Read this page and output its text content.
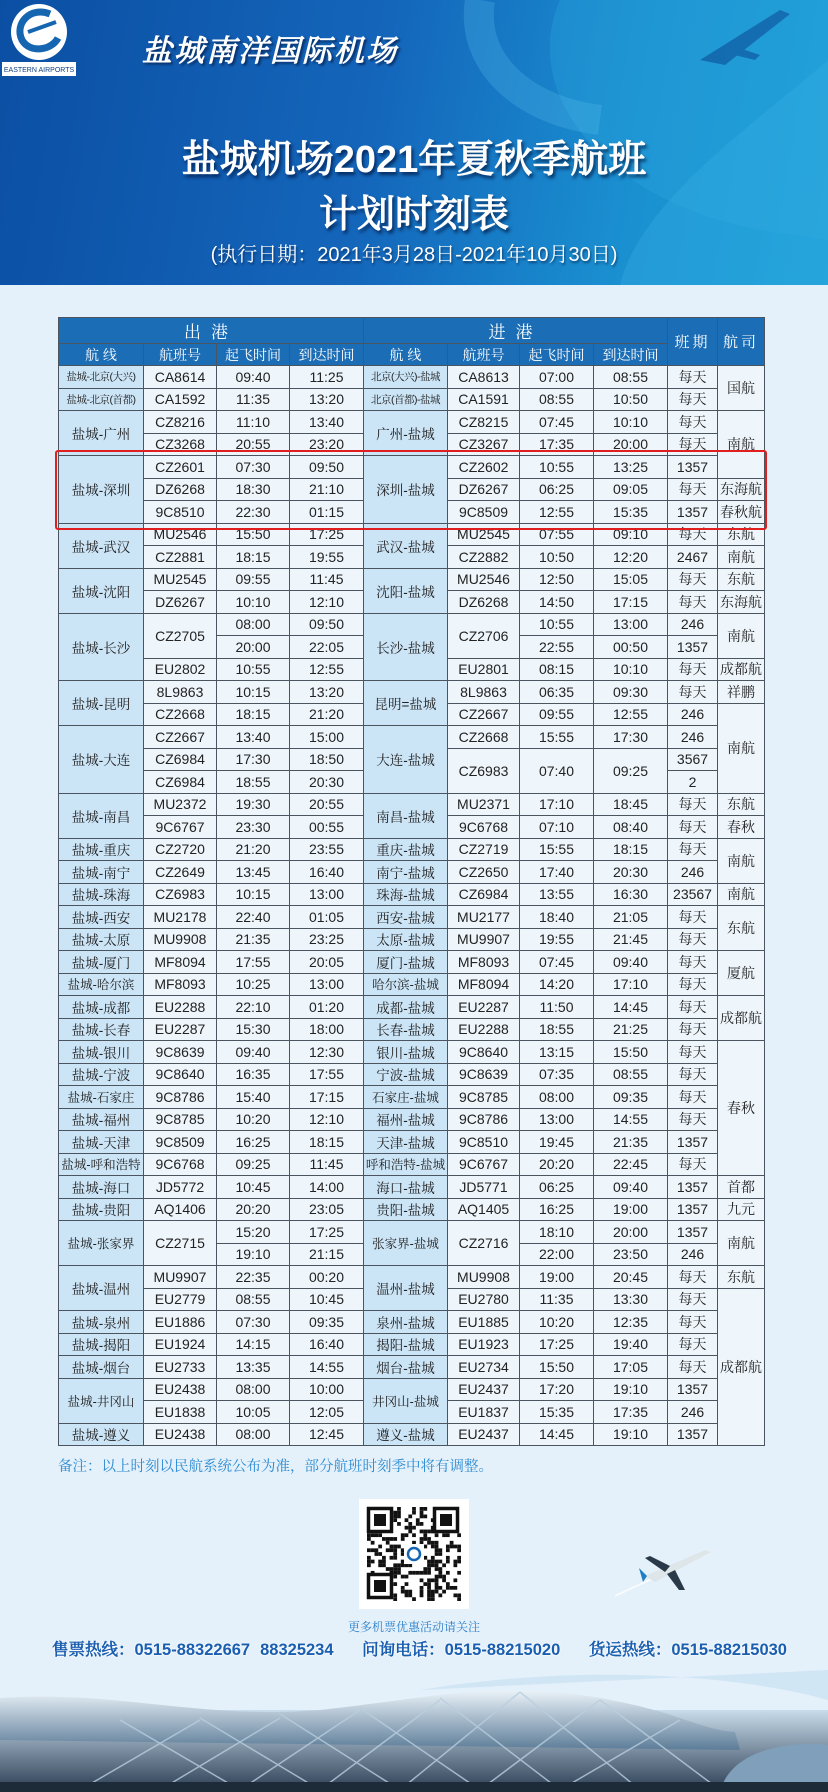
EASTERN AIRPORTS
盐城南洋国际机场
盐城机场2021年夏秋季航班
计划时刻表
(执行日期：2021年3月28日-2021年10月30日)
出港				进港				班期	航司
航 线	航班号	起飞时间	到达时间	航 线	航班号	起飞时间	到达时间		
盐城-北京(大兴)	CA8614	09:40	11:25	北京(大兴)-盐城	CA8613	07:00	08:55	每天	国航
盐城-北京(首都)	CA1592	11:35	13:20	北京(首都)-盐城	CA1591	08:55	10:50	每天	
盐城-广州	CZ8216	11:10	13:40	广州-盐城	CZ8215	07:45	10:10	每天	南航
	CZ3268	20:55	23:20		CZ3267	17:35	20:00	每天	
盐城-深圳	CZ2601	07:30	09:50	深圳-盐城	CZ2602	10:55	13:25	1357	
	DZ6268	18:30	21:10		DZ6267	06:25	09:05	每天	东海航
	9C8510	22:30	01:15		9C8509	12:55	15:35	1357	春秋航
盐城-武汉	MU2546	15:50	17:25	武汉-盐城	MU2545	07:55	09:10	每天	东航
	CZ2881	18:15	19:55		CZ2882	10:50	12:20	2467	南航
盐城-沈阳	MU2545	09:55	11:45	沈阳-盐城	MU2546	12:50	15:05	每天	东航
	DZ6267	10:10	12:10		DZ6268	14:50	17:15	每天	东海航
盐城-长沙	CZ2705	08:00	09:50	长沙-盐城	CZ2706	10:55	13:00	246	南航
		20:00	22:05			22:55	00:50	1357	
	EU2802	10:55	12:55		EU2801	08:15	10:10	每天	成都航
盐城-昆明	8L9863	10:15	13:20	昆明=盐城	8L9863	06:35	09:30	每天	祥鹏
	CZ2668	18:15	21:20		CZ2667	09:55	12:55	246	南航
盐城-大连	CZ2667	13:40	15:00	大连-盐城	CZ2668	15:55	17:30	246	
	CZ6984	17:30	18:50		CZ6983	07:40	09:25	3567	
	CZ6984	18:55	20:30					2	
盐城-南昌	MU2372	19:30	20:55	南昌-盐城	MU2371	17:10	18:45	每天	东航
	9C6767	23:30	00:55		9C6768	07:10	08:40	每天	春秋
盐城-重庆	CZ2720	21:20	23:55	重庆-盐城	CZ2719	15:55	18:15	每天	南航
盐城-南宁	CZ2649	13:45	16:40	南宁-盐城	CZ2650	17:40	20:30	246	
盐城-珠海	CZ6983	10:15	13:00	珠海-盐城	CZ6984	13:55	16:30	23567	南航
盐城-西安	MU2178	22:40	01:05	西安-盐城	MU2177	18:40	21:05	每天	东航
盐城-太原	MU9908	21:35	23:25	太原-盐城	MU9907	19:55	21:45	每天	
盐城-厦门	MF8094	17:55	20:05	厦门-盐城	MF8093	07:45	09:40	每天	厦航
盐城-哈尔滨	MF8093	10:25	13:00	哈尔滨-盐城	MF8094	14:20	17:10	每天	
盐城-成都	EU2288	22:10	01:20	成都-盐城	EU2287	11:50	14:45	每天	成都航
盐城-长春	EU2287	15:30	18:00	长春-盐城	EU2288	18:55	21:25	每天	
盐城-银川	9C8639	09:40	12:30	银川-盐城	9C8640	13:15	15:50	每天	春秋
盐城-宁波	9C8640	16:35	17:55	宁波-盐城	9C8639	07:35	08:55	每天	
盐城-石家庄	9C8786	15:40	17:15	石家庄-盐城	9C8785	08:00	09:35	每天	
盐城-福州	9C8785	10:20	12:10	福州-盐城	9C8786	13:00	14:55	每天	
盐城-天津	9C8509	16:25	18:15	天津-盐城	9C8510	19:45	21:35	1357	
盐城-呼和浩特	9C6768	09:25	11:45	呼和浩特-盐城	9C6767	20:20	22:45	每天	
盐城-海口	JD5772	10:45	14:00	海口-盐城	JD5771	06:25	09:40	1357	首都
盐城-贵阳	AQ1406	20:20	23:05	贵阳-盐城	AQ1405	16:25	19:00	1357	九元
盐城-张家界	CZ2715	15:20	17:25	张家界-盐城	CZ2716	18:10	20:00	1357	南航
		19:10	21:15			22:00	23:50	246	
盐城-温州	MU9907	22:35	00:20	温州-盐城	MU9908	19:00	20:45	每天	东航
	EU2779	08:55	10:45		EU2780	11:35	13:30	每天	成都航
盐城-泉州	EU1886	07:30	09:35	泉州-盐城	EU1885	10:20	12:35	每天	
盐城-揭阳	EU1924	14:15	16:40	揭阳-盐城	EU1923	17:25	19:40	每天	
盐城-烟台	EU2733	13:35	14:55	烟台-盐城	EU2734	15:50	17:05	每天	
盐城-井冈山	EU2438	08:00	10:00	井冈山-盐城	EU2437	17:20	19:10	1357	
	EU1838	10:05	12:05		EU1837	15:35	17:35	246	
盐城-遵义	EU2438	08:00	12:45	遵义-盐城	EU2437	14:45	19:10	1357	
备注：以上时刻以民航系统公布为准，部分航班时刻季中将有调整。
更多机票优惠活动请关注
售票热线：0515-88322667 88325234 问询电话：0515-88215020 货运热线：0515-88215030
